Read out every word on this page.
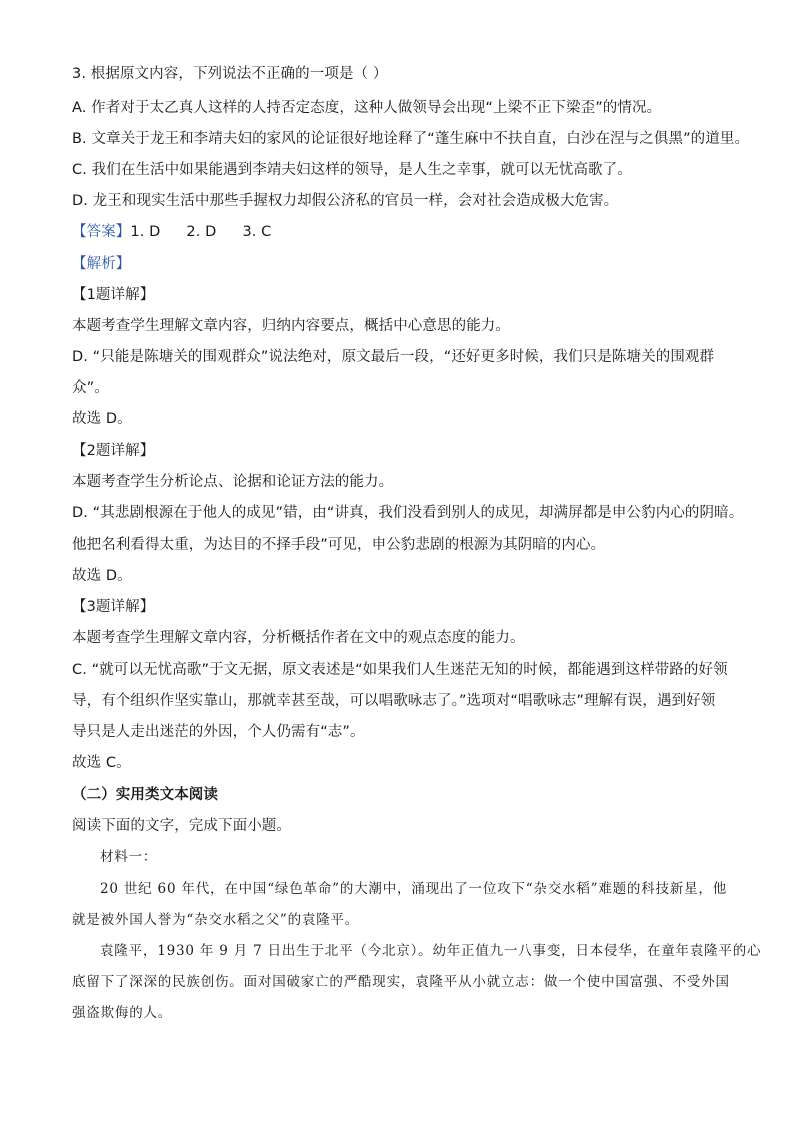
3. 根据原文内容，下列说法不正确的一项是（ ）
A. 作者对于太乙真人这样的人持否定态度，这种人做领导会出现“上梁不正下梁歪”的情况。
B. 文章关于龙王和李靖夫妇的家风的论证很好地诠释了“蓬生麻中不扶自直，白沙在涅与之俱黑”的道里。
C. 我们在生活中如果能遇到李靖夫妇这样的领导，是人生之幸事，就可以无忧高歌了。
D. 龙王和现实生活中那些手握权力却假公济私的官员一样，会对社会造成极大危害。
【答案】1. D 2. D 3. C
【解析】
【1题详解】
本题考查学生理解文章内容，归纳内容要点，概括中心意思的能力。
D. “只能是陈塘关的围观群众”说法绝对，原文最后一段，“还好更多时候，我们只是陈塘关的围观群
众”。
故选 D。
【2题详解】
本题考查学生分析论点、论据和论证方法的能力。
D. “其悲剧根源在于他人的成见”错，由“讲真，我们没看到别人的成见，却满屏都是申公豹内心的阴暗。
他把名利看得太重，为达目的不择手段”可见，申公豹悲剧的根源为其阴暗的内心。
故选 D。
【3题详解】
本题考查学生理解文章内容，分析概括作者在文中的观点态度的能力。
C. “就可以无忧高歌”于文无据，原文表述是“如果我们人生迷茫无知的时候，都能遇到这样带路的好领
导，有个组织作坚实靠山，那就幸甚至哉，可以唱歌咏志了。”选项对“唱歌咏志”理解有误，遇到好领
导只是人走出迷茫的外因，个人仍需有“志”。
故选 C。
（二）实用类文本阅读
阅读下面的文字，完成下面小题。
材料一：
20 世纪 60 年代，在中国“绿色革命”的大潮中，涌现出了一位攻下“杂交水稻”难题的科技新星，他
就是被外国人誉为“杂交水稻之父”的袁隆平。
袁隆平，1930 年 9 月 7 日出生于北平（今北京）。幼年正值九一八事变，日本侵华，在童年袁隆平的心
底留下了深深的民族创伤。面对国破家亡的严酷现实，袁隆平从小就立志：做一个使中国富强、不受外国
强盗欺侮的人。
